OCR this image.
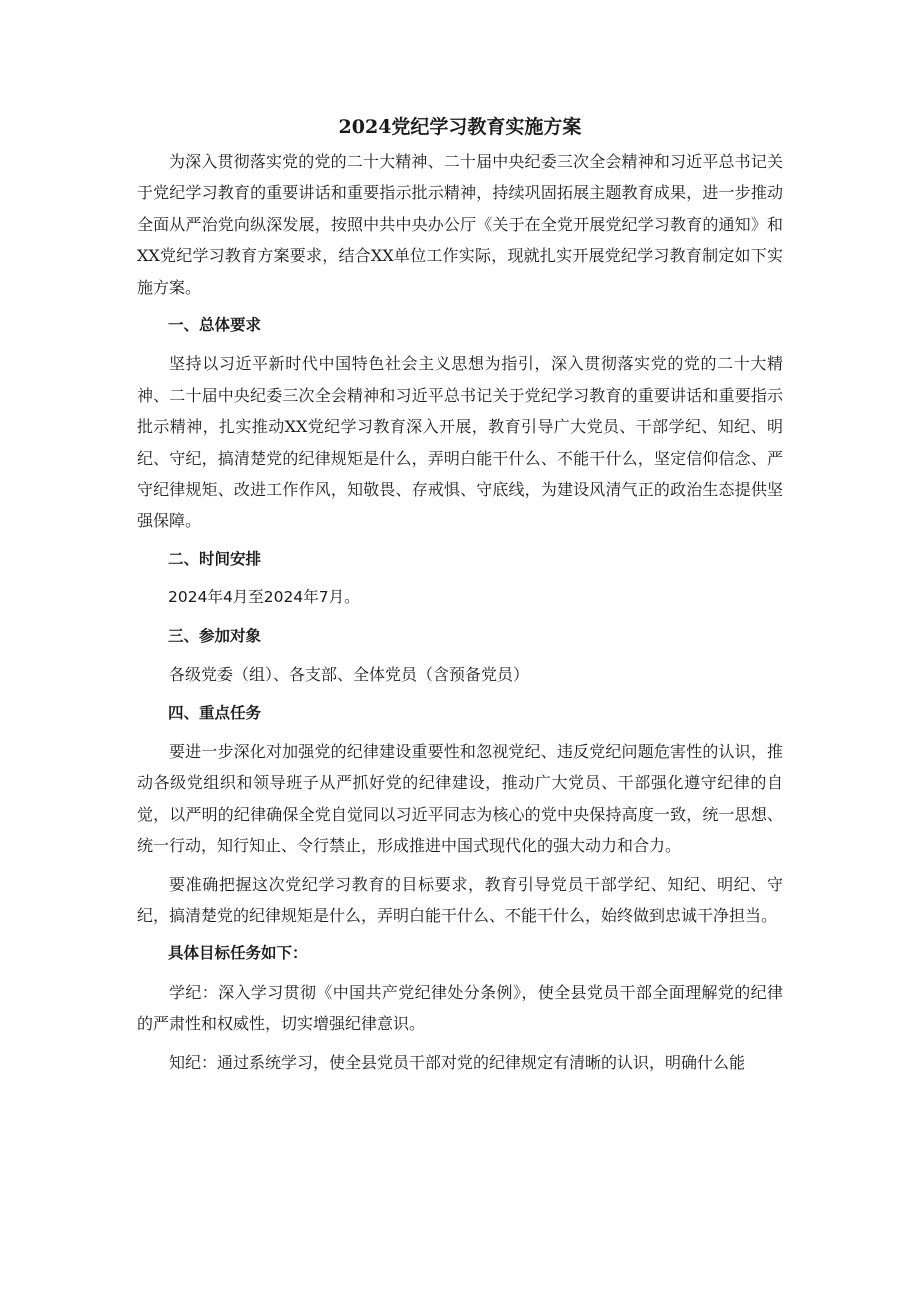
2024党纪学习教育实施方案

为深入贯彻落实党的党的二十大精神、二十届中央纪委三次全会精神和习近平总书记关于党纪学习教育的重要讲话和重要指示批示精神，持续巩固拓展主题教育成果，进一步推动全面从严治党向纵深发展，按照中共中央办公厅《关于在全党开展党纪学习教育的通知》和XX党纪学习教育方案要求，结合XX单位工作实际，现就扎实开展党纪学习教育制定如下实施方案。

一、总体要求

坚持以习近平新时代中国特色社会主义思想为指引，深入贯彻落实党的党的二十大精神、二十届中央纪委三次全会精神和习近平总书记关于党纪学习教育的重要讲话和重要指示批示精神，扎实推动XX党纪学习教育深入开展，教育引导广大党员、干部学纪、知纪、明纪、守纪，搞清楚党的纪律规矩是什么，弄明白能干什么、不能干什么，坚定信仰信念、严守纪律规矩、改进工作作风，知敬畏、存戒惧、守底线，为建设风清气正的政治生态提供坚强保障。

二、时间安排

2024年4月至2024年7月。

三、参加对象

各级党委（组）、各支部、全体党员（含预备党员）

四、重点任务

要进一步深化对加强党的纪律建设重要性和忽视党纪、违反党纪问题危害性的认识，推动各级党组织和领导班子从严抓好党的纪律建设，推动广大党员、干部强化遵守纪律的自觉，以严明的纪律确保全党自觉同以习近平同志为核心的党中央保持高度一致，统一思想、统一行动，知行知止、令行禁止，形成推进中国式现代化的强大动力和合力。

要准确把握这次党纪学习教育的目标要求，教育引导党员干部学纪、知纪、明纪、守纪，搞清楚党的纪律规矩是什么，弄明白能干什么、不能干什么，始终做到忠诚干净担当。

具体目标任务如下：

学纪：深入学习贯彻《中国共产党纪律处分条例》，使全县党员干部全面理解党的纪律的严肃性和权威性，切实增强纪律意识。

知纪：通过系统学习，使全县党员干部对党的纪律规定有清晰的认识，明确什么能
